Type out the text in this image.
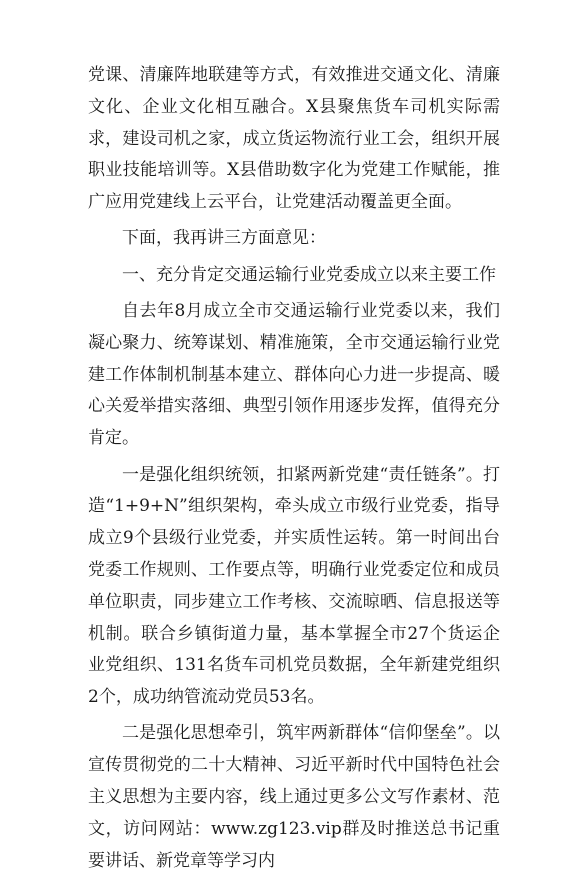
党课、清廉阵地联建等方式，有效推进交通文化、清廉文化、企业文化相互融合。X县聚焦货车司机实际需求，建设司机之家，成立货运物流行业工会，组织开展职业技能培训等。X县借助数字化为党建工作赋能，推广应用党建线上云平台，让党建活动覆盖更全面。

下面，我再讲三方面意见：

一、充分肯定交通运输行业党委成立以来主要工作

自去年8月成立全市交通运输行业党委以来，我们凝心聚力、统筹谋划、精准施策，全市交通运输行业党建工作体制机制基本建立、群体向心力进一步提高、暖心关爱举措实落细、典型引领作用逐步发挥，值得充分肯定。

一是强化组织统领，扣紧两新党建“责任链条”。打造“1+9+N”组织架构，牵头成立市级行业党委，指导成立9个县级行业党委，并实质性运转。第一时间出台党委工作规则、工作要点等，明确行业党委定位和成员单位职责，同步建立工作考核、交流晾晒、信息报送等机制。联合乡镇街道力量，基本掌握全市27个货运企业党组织、131名货车司机党员数据，全年新建党组织2个，成功纳管流动党员53名。

二是强化思想牵引，筑牢两新群体“信仰堡垒”。以宣传贯彻党的二十大精神、习近平新时代中国特色社会主义思想为主要内容，线上通过更多公文写作素材、范文，访问网站：www.zg123.vip群及时推送总书记重要讲话、新党章等学习内
